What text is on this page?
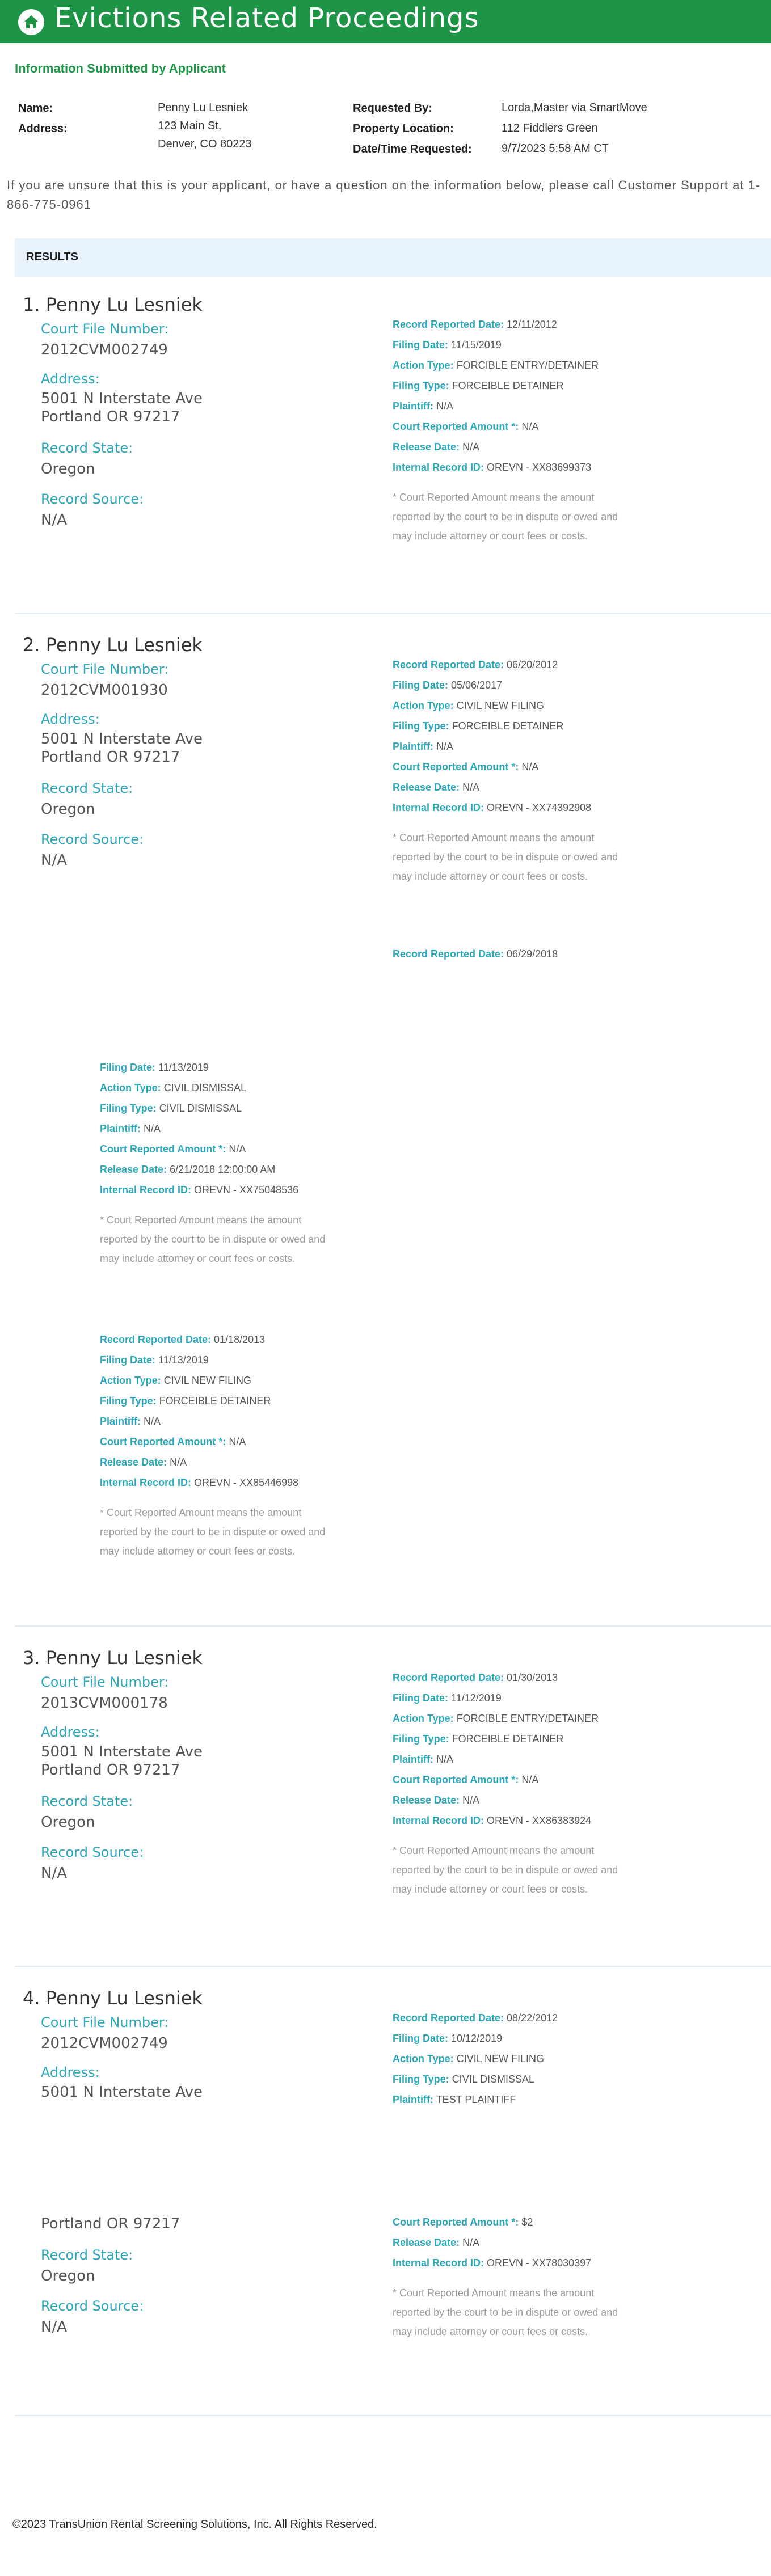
Evictions Related Proceedings
Information Submitted by Applicant
Name:	Penny Lu Lesniek
Address:	123 Main St,
Denver, CO 80223
Requested By:	Lorda,Master via SmartMove
Property Location:	112 Fiddlers Green
Date/Time Requested:	9/7/2023 5:58 AM CT
If you are unsure that this is your applicant, or have a question on the information below, please call Customer Support at 1-866-775-0961
RESULTS
1. Penny Lu Lesniek
Court File Number:
2012CVM002749
Address:
5001 N Interstate Ave
Portland OR 97217
Record State:
Oregon
Record Source:
N/A
Record Reported Date: 12/11/2012
Filing Date: 11/15/2019
Action Type: FORCIBLE ENTRY/DETAINER
Filing Type: FORCEIBLE DETAINER
Plaintiff: N/A
Court Reported Amount *: N/A
Release Date: N/A
Internal Record ID: OREVN - XX83699373
* Court Reported Amount means the amount reported by the court to be in dispute or owed and may include attorney or court fees or costs.
2. Penny Lu Lesniek
Court File Number:
2012CVM001930
Address:
5001 N Interstate Ave
Portland OR 97217
Record State:
Oregon
Record Source:
N/A
Record Reported Date: 06/20/2012
Filing Date: 05/06/2017
Action Type: CIVIL NEW FILING
Filing Type: FORCEIBLE DETAINER
Plaintiff: N/A
Court Reported Amount *: N/A
Release Date: N/A
Internal Record ID: OREVN - XX74392908
* Court Reported Amount means the amount reported by the court to be in dispute or owed and may include attorney or court fees or costs.
Record Reported Date: 06/29/2018
Filing Date: 11/13/2019
Action Type: CIVIL DISMISSAL
Filing Type: CIVIL DISMISSAL
Plaintiff: N/A
Court Reported Amount *: N/A
Release Date: 6/21/2018 12:00:00 AM
Internal Record ID: OREVN - XX75048536
* Court Reported Amount means the amount reported by the court to be in dispute or owed and may include attorney or court fees or costs.
Record Reported Date: 01/18/2013
Filing Date: 11/13/2019
Action Type: CIVIL NEW FILING
Filing Type: FORCEIBLE DETAINER
Plaintiff: N/A
Court Reported Amount *: N/A
Release Date: N/A
Internal Record ID: OREVN - XX85446998
* Court Reported Amount means the amount reported by the court to be in dispute or owed and may include attorney or court fees or costs.
3. Penny Lu Lesniek
Court File Number:
2013CVM000178
Address:
5001 N Interstate Ave
Portland OR 97217
Record State:
Oregon
Record Source:
N/A
Record Reported Date: 01/30/2013
Filing Date: 11/12/2019
Action Type: FORCIBLE ENTRY/DETAINER
Filing Type: FORCEIBLE DETAINER
Plaintiff: N/A
Court Reported Amount *: N/A
Release Date: N/A
Internal Record ID: OREVN - XX86383924
* Court Reported Amount means the amount reported by the court to be in dispute or owed and may include attorney or court fees or costs.
4. Penny Lu Lesniek
Court File Number:
2012CVM002749
Address:
5001 N Interstate Ave
Portland OR 97217
Record State:
Oregon
Record Source:
N/A
Record Reported Date: 08/22/2012
Filing Date: 10/12/2019
Action Type: CIVIL NEW FILING
Filing Type: CIVIL DISMISSAL
Plaintiff: TEST PLAINTIFF
Court Reported Amount *: $2
Release Date: N/A
Internal Record ID: OREVN - XX78030397
* Court Reported Amount means the amount reported by the court to be in dispute or owed and may include attorney or court fees or costs.
©2023 TransUnion Rental Screening Solutions, Inc. All Rights Reserved.
